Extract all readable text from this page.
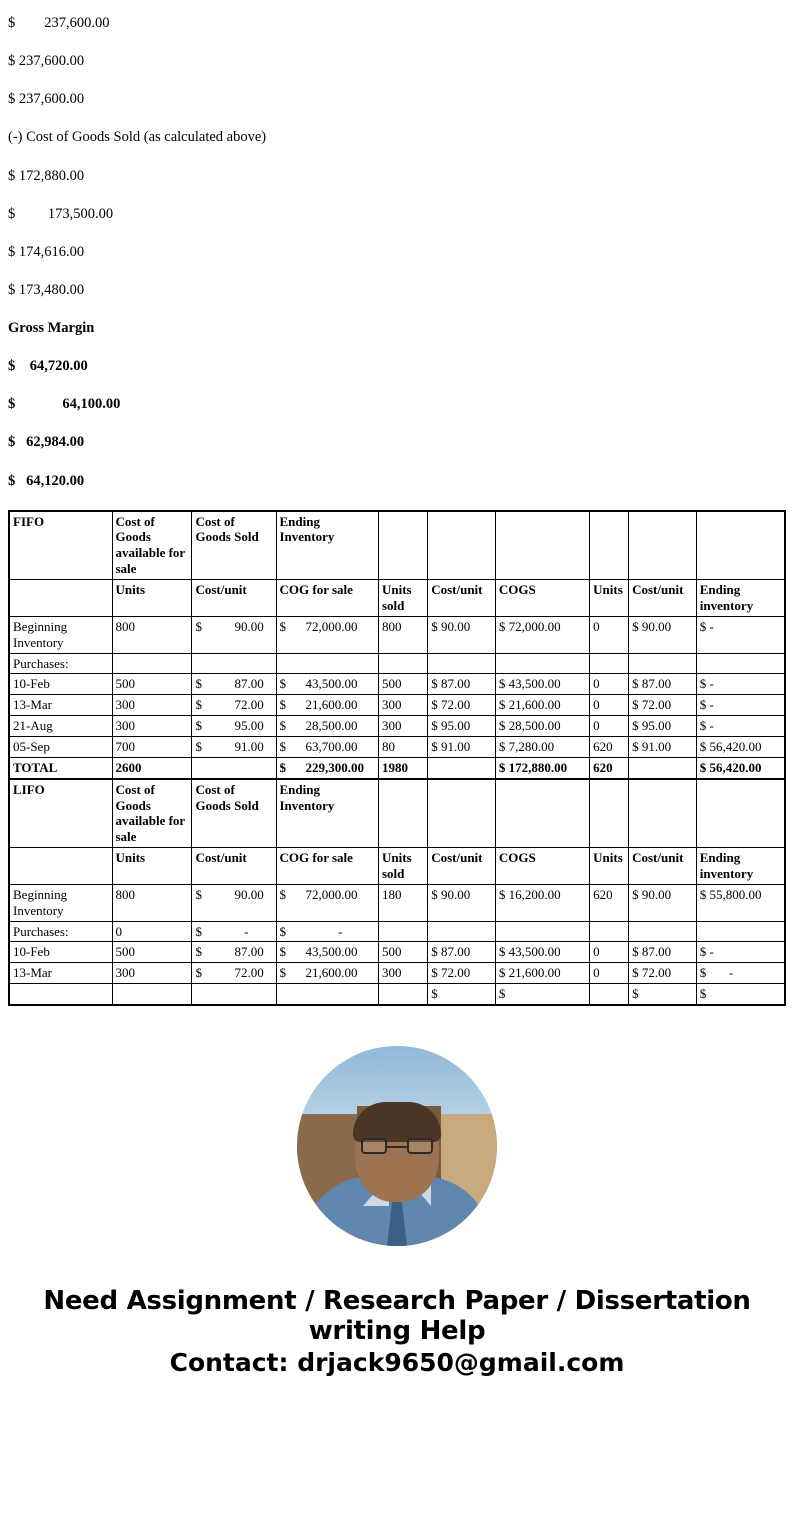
$        237,600.00
$ 237,600.00
$ 237,600.00
(-) Cost of Goods Sold (as calculated above)
$ 172,880.00
$         173,500.00
$ 174,616.00
$ 173,480.00
Gross Margin
$    64,720.00
$             64,100.00
$   62,984.00
$   64,120.00
FIFO	Cost of Goods available for sale	Cost of Goods Sold	Ending Inventory						
	Units	Cost/unit	COG for sale	Units sold	Cost/unit	COGS	Units	Cost/unit	Ending inventory
Beginning Inventory	800	$          90.00	$      72,000.00	800	$ 90.00	$ 72,000.00	0	$ 90.00	$ -
Purchases:									
10-Feb	500	$          87.00	$      43,500.00	500	$ 87.00	$ 43,500.00	0	$ 87.00	$ -
13-Mar	300	$          72.00	$      21,600.00	300	$ 72.00	$ 21,600.00	0	$ 72.00	$ -
21-Aug	300	$          95.00	$      28,500.00	300	$ 95.00	$ 28,500.00	0	$ 95.00	$ -
05-Sep	700	$          91.00	$      63,700.00	80	$ 91.00	$ 7,280.00	620	$ 91.00	$ 56,420.00
TOTAL	2600		$      229,300.00	1980		$ 172,880.00	620		$ 56,420.00
LIFO	Cost of Goods available for sale	Cost of Goods Sold	Ending Inventory						
	Units	Cost/unit	COG for sale	Units sold	Cost/unit	COGS	Units	Cost/unit	Ending inventory
Beginning Inventory	800	$          90.00	$      72,000.00	180	$ 90.00	$ 16,200.00	620	$ 90.00	$ 55,800.00
Purchases:	0	$             -	$                -						
10-Feb	500	$          87.00	$      43,500.00	500	$ 87.00	$ 43,500.00	0	$ 87.00	$ -
13-Mar	300	$          72.00	$      21,600.00	300	$ 72.00	$ 21,600.00	0	$ 72.00	$       -
					$	$		$	$
Need Assignment / Research Paper / Dissertation
writing Help
Contact: drjack9650@gmail.com
